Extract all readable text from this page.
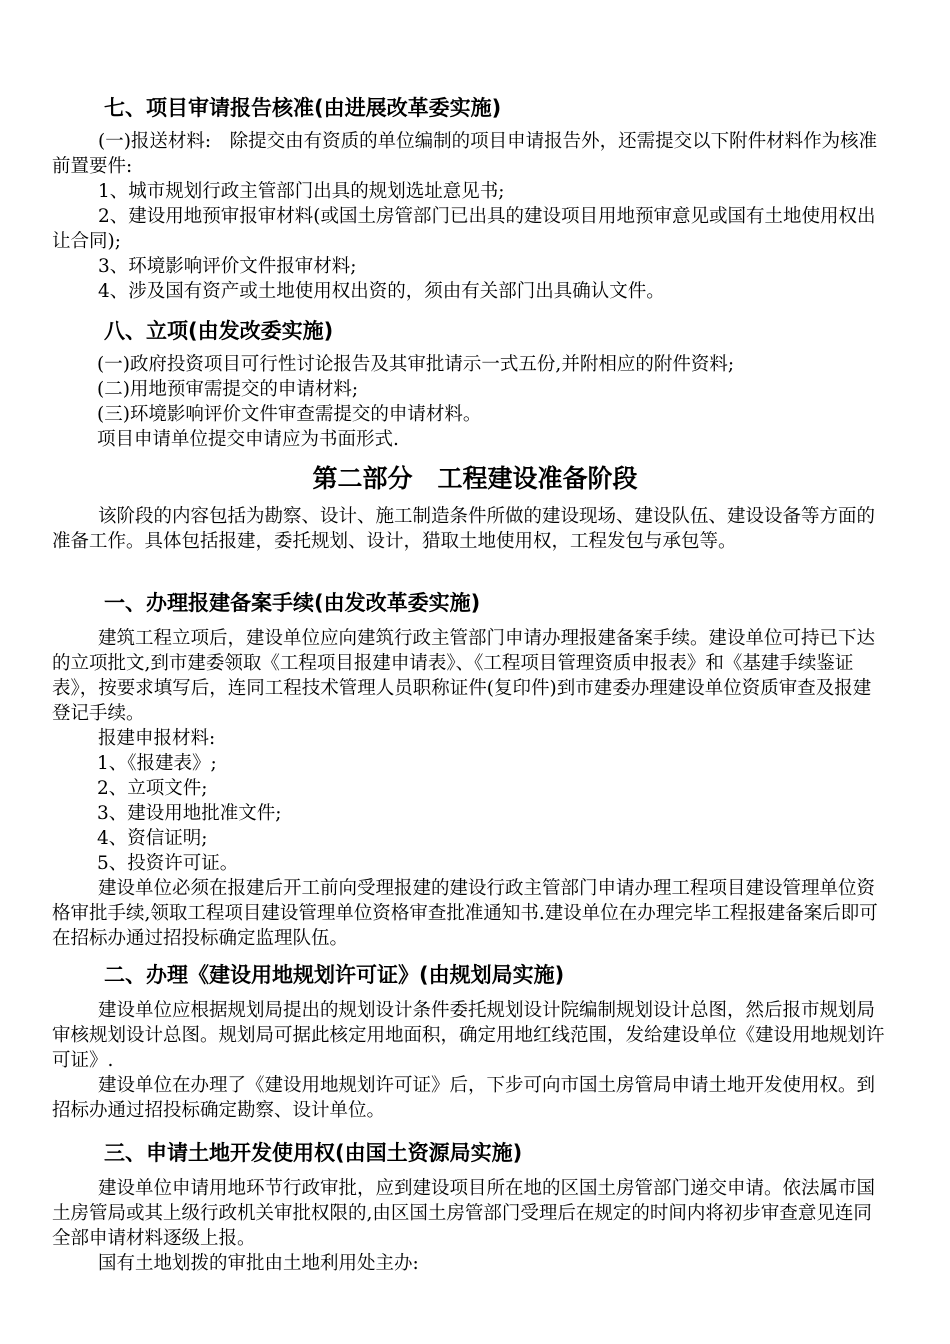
七、项目审请报告核准(由进展改革委实施)

(一)报送材料:　除提交由有资质的单位编制的项目申请报告外，还需提交以下附件材料作为核准前置要件:

1、城市规划行政主管部门出具的规划选址意见书;

2、建设用地预审报审材料(或国土房管部门已出具的建设项目用地预审意见或国有土地使用权出让合同);

3、环境影响评价文件报审材料;

4、涉及国有资产或土地使用权出资的，须由有关部门出具确认文件。

八、立项(由发改委实施)

(一)政府投资项目可行性讨论报告及其审批请示一式五份,并附相应的附件资料;

(二)用地预审需提交的申请材料;

(三)环境影响评价文件审查需提交的申请材料。

项目申请单位提交申请应为书面形式.

第二部分　工程建设准备阶段

该阶段的内容包括为勘察、设计、施工制造条件所做的建设现场、建设队伍、建设设备等方面的准备工作。具体包括报建，委托规划、设计，猎取土地使用权，工程发包与承包等。

一、办理报建备案手续(由发改革委实施)

建筑工程立项后，建设单位应向建筑行政主管部门申请办理报建备案手续。建设单位可持已下达的立项批文,到市建委领取《工程项目报建申请表》、《工程项目管理资质申报表》和《基建手续鉴证表》，按要求填写后，连同工程技术管理人员职称证件(复印件)到市建委办理建设单位资质审查及报建登记手续。

报建申报材料:

1、《报建表》;

2、立项文件;

3、建设用地批准文件;

4、资信证明;

5、投资许可证。

建设单位必须在报建后开工前向受理报建的建设行政主管部门申请办理工程项目建设管理单位资格审批手续,领取工程项目建设管理单位资格审查批准通知书.建设单位在办理完毕工程报建备案后即可在招标办通过招投标确定监理队伍。

二、办理《建设用地规划许可证》(由规划局实施)

建设单位应根据规划局提出的规划设计条件委托规划设计院编制规划设计总图，然后报市规划局审核规划设计总图。规划局可据此核定用地面积，确定用地红线范围，发给建设单位《建设用地规划许可证》.

建设单位在办理了《建设用地规划许可证》后，下步可向市国土房管局申请土地开发使用权。到招标办通过招投标确定勘察、设计单位。

三、申请土地开发使用权(由国土资源局实施)

建设单位申请用地环节行政审批，应到建设项目所在地的区国土房管部门递交申请。依法属市国土房管局或其上级行政机关审批权限的,由区国土房管部门受理后在规定的时间内将初步审查意见连同全部申请材料逐级上报。

国有土地划拨的审批由土地利用处主办:
